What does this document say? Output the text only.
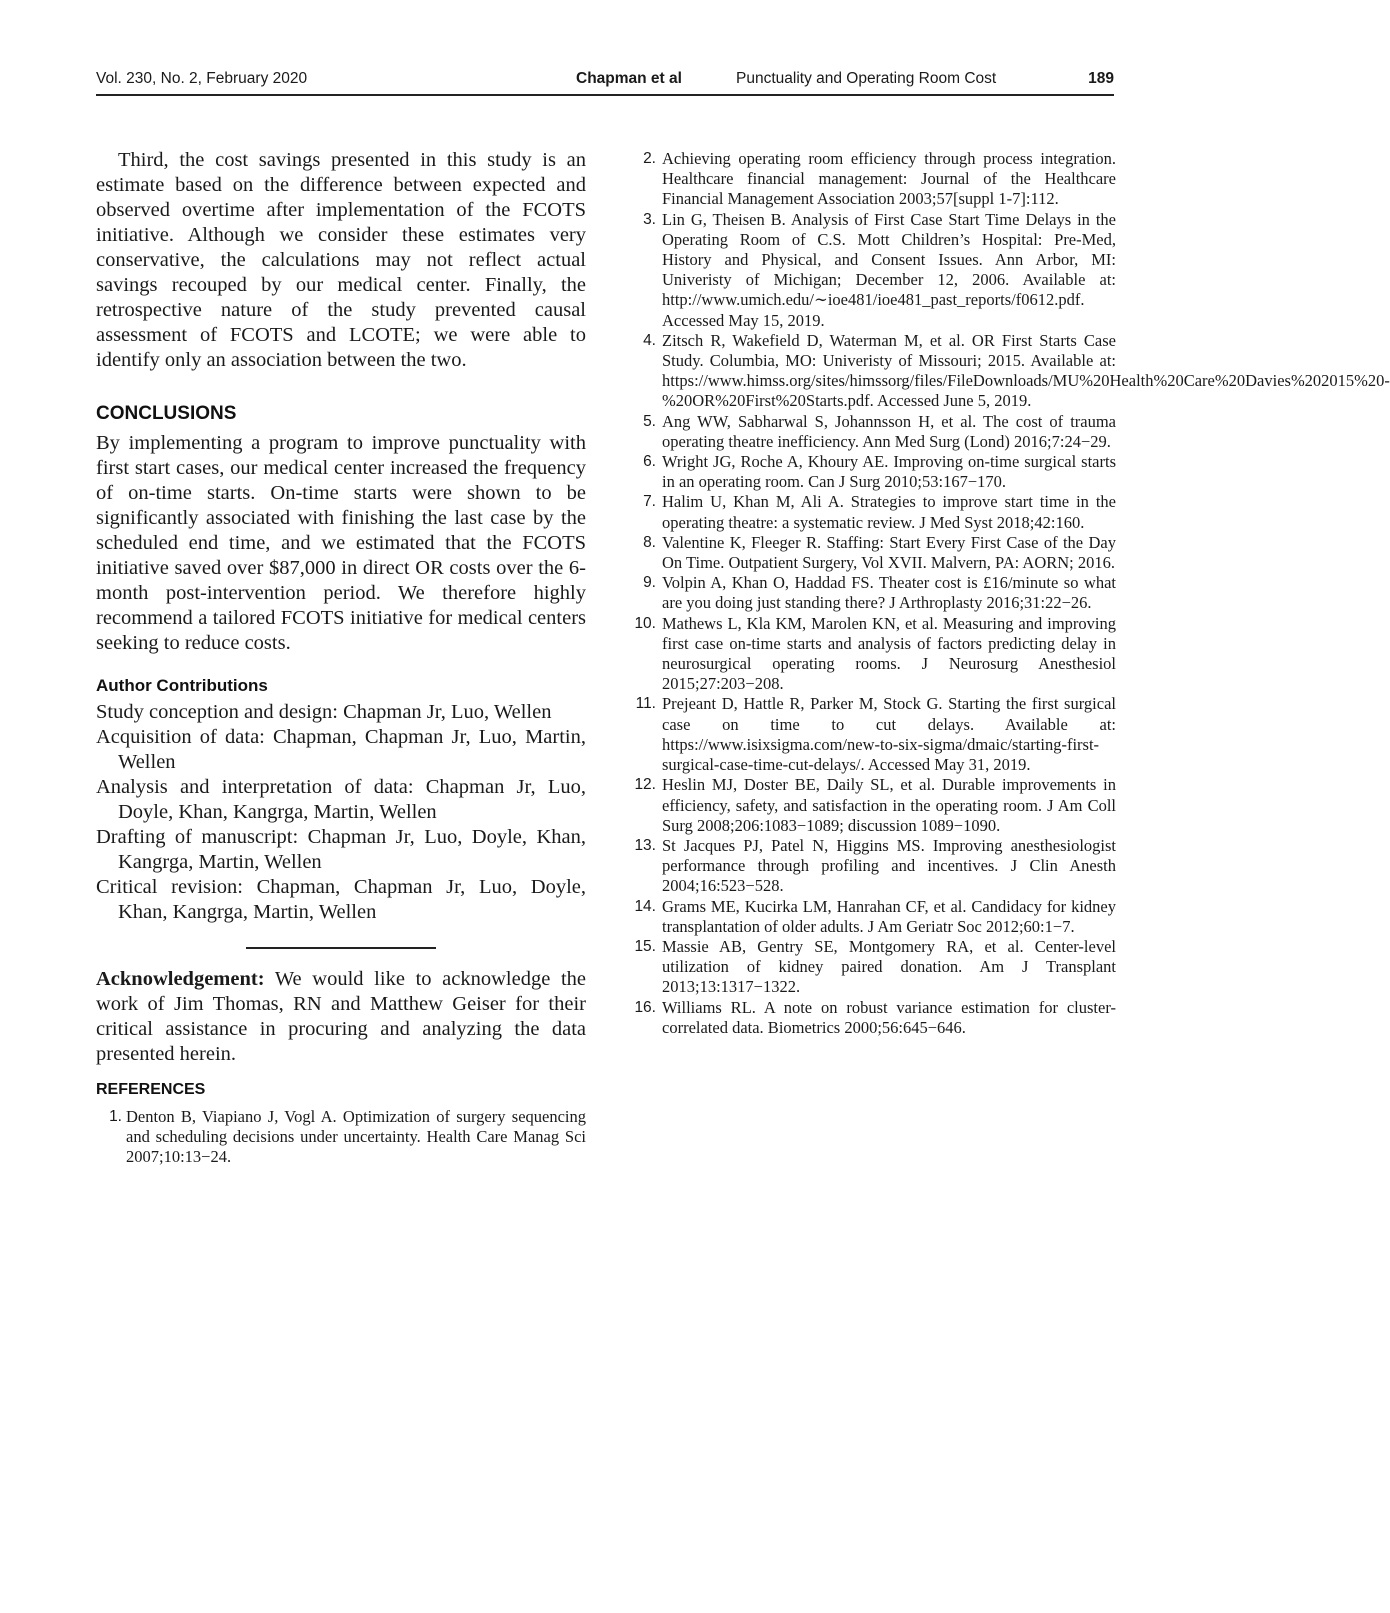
Vol. 230, No. 2, February 2020	Chapman et al	Punctuality and Operating Room Cost	189

Third, the cost savings presented in this study is an estimate based on the difference between expected and observed overtime after implementation of the FCOTS initiative. Although we consider these estimates very conservative, the calculations may not reflect actual savings recouped by our medical center. Finally, the retrospective nature of the study prevented causal assessment of FCOTS and LCOTE; we were able to identify only an association between the two.

CONCLUSIONS

By implementing a program to improve punctuality with first start cases, our medical center increased the frequency of on-time starts. On-time starts were shown to be significantly associated with finishing the last case by the scheduled end time, and we estimated that the FCOTS initiative saved over $87,000 in direct OR costs over the 6-month post-intervention period. We therefore highly recommend a tailored FCOTS initiative for medical centers seeking to reduce costs.

Author Contributions

Study conception and design: Chapman Jr, Luo, Wellen

Acquisition of data: Chapman, Chapman Jr, Luo, Martin, Wellen

Analysis and interpretation of data: Chapman Jr, Luo, Doyle, Khan, Kangrga, Martin, Wellen

Drafting of manuscript: Chapman Jr, Luo, Doyle, Khan, Kangrga, Martin, Wellen

Critical revision: Chapman, Chapman Jr, Luo, Doyle, Khan, Kangrga, Martin, Wellen

Acknowledgement: We would like to acknowledge the work of Jim Thomas, RN and Matthew Geiser for their critical assistance in procuring and analyzing the data presented herein.

REFERENCES

1. Denton B, Viapiano J, Vogl A. Optimization of surgery sequencing and scheduling decisions under uncertainty. Health Care Manag Sci 2007;10:13−24.

2. Achieving operating room efficiency through process integration. Healthcare financial management: Journal of the Healthcare Financial Management Association 2003;57[suppl 1-7]:112.

3. Lin G, Theisen B. Analysis of First Case Start Time Delays in the Operating Room of C.S. Mott Children’s Hospital: Pre-Med, History and Physical, and Consent Issues. Ann Arbor, MI: Univeristy of Michigan; December 12, 2006. Available at: http://www.umich.edu/∼ioe481/ioe481_past_reports/f0612.pdf. Accessed May 15, 2019.

4. Zitsch R, Wakefield D, Waterman M, et al. OR First Starts Case Study. Columbia, MO: Univeristy of Missouri; 2015. Available at: https://www.himss.org/sites/himssorg/files/FileDownloads/MU%20Health%20Care%20Davies%202015%20-%20OR%20First%20Starts.pdf. Accessed June 5, 2019.

5. Ang WW, Sabharwal S, Johannsson H, et al. The cost of trauma operating theatre inefficiency. Ann Med Surg (Lond) 2016;7:24−29.

6. Wright JG, Roche A, Khoury AE. Improving on-time surgical starts in an operating room. Can J Surg 2010;53:167−170.

7. Halim U, Khan M, Ali A. Strategies to improve start time in the operating theatre: a systematic review. J Med Syst 2018;42:160.

8. Valentine K, Fleeger R. Staffing: Start Every First Case of the Day On Time. Outpatient Surgery, Vol XVII. Malvern, PA: AORN; 2016.

9. Volpin A, Khan O, Haddad FS. Theater cost is £16/minute so what are you doing just standing there? J Arthroplasty 2016;31:22−26.

10. Mathews L, Kla KM, Marolen KN, et al. Measuring and improving first case on-time starts and analysis of factors predicting delay in neurosurgical operating rooms. J Neurosurg Anesthesiol 2015;27:203−208.

11. Prejeant D, Hattle R, Parker M, Stock G. Starting the first surgical case on time to cut delays. Available at: https://www.isixsigma.com/new-to-six-sigma/dmaic/starting-first-surgical-case-time-cut-delays/. Accessed May 31, 2019.

12. Heslin MJ, Doster BE, Daily SL, et al. Durable improvements in efficiency, safety, and satisfaction in the operating room. J Am Coll Surg 2008;206:1083−1089; discussion 1089−1090.

13. St Jacques PJ, Patel N, Higgins MS. Improving anesthesiologist performance through profiling and incentives. J Clin Anesth 2004;16:523−528.

14. Grams ME, Kucirka LM, Hanrahan CF, et al. Candidacy for kidney transplantation of older adults. J Am Geriatr Soc 2012;60:1−7.

15. Massie AB, Gentry SE, Montgomery RA, et al. Center-level utilization of kidney paired donation. Am J Transplant 2013;13:1317−1322.

16. Williams RL. A note on robust variance estimation for cluster-correlated data. Biometrics 2000;56:645−646.
